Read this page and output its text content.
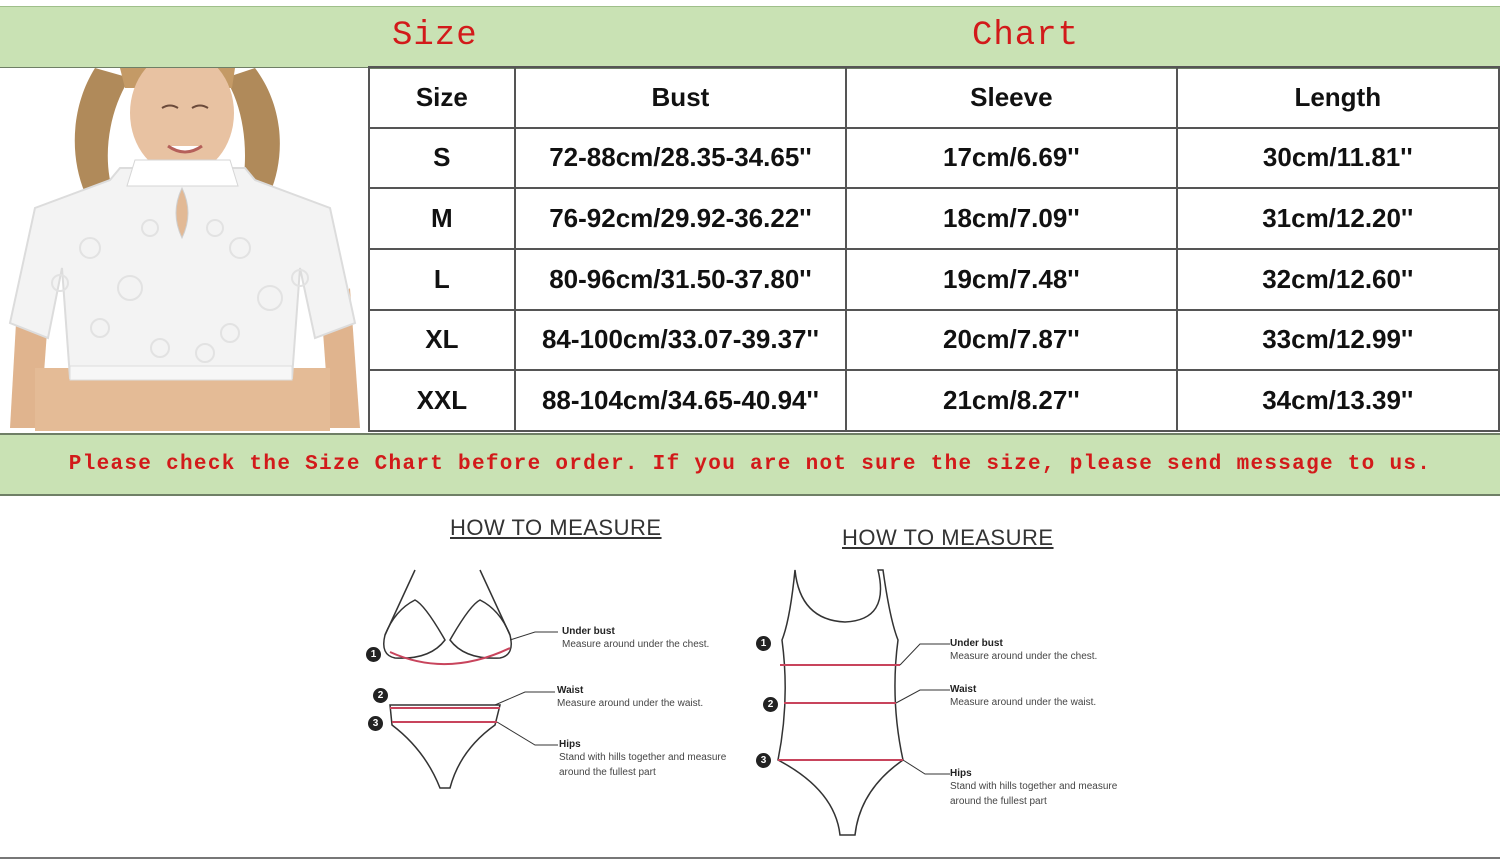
Size	Chart
Size	Bust	Sleeve	Length
S	72-88cm/28.35-34.65''	17cm/6.69''	30cm/11.81''
M	76-92cm/29.92-36.22''	18cm/7.09''	31cm/12.20''
L	80-96cm/31.50-37.80''	19cm/7.48''	32cm/12.60''
XL	84-100cm/33.07-39.37''	20cm/7.87''	33cm/12.99''
XXL	88-104cm/34.65-40.94''	21cm/8.27''	34cm/13.39''
Please check the Size Chart before order. If you are not sure the size, please send message to us.
HOW TO MEASURE
1
2
3
Under bust
Measure around under the chest.
Waist
Measure around under the waist.
Hips
Stand with hills together and measure around the fullest part
HOW TO MEASURE
1
2
3
Under bust
Measure around under the chest.
Waist
Measure around under the waist.
Hips
Stand with hills together and measure around the fullest part
